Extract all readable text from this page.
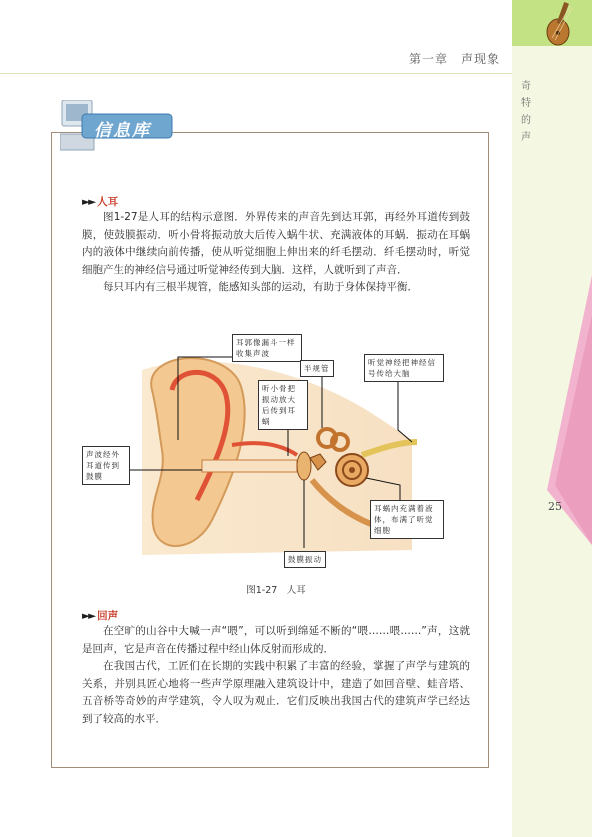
第一章　声现象
奇特的声
25
信息库
►► 人耳

图1-27是人耳的结构示意图．外界传来的声音先到达耳郭，再经外耳道传到鼓膜，使鼓膜振动．听小骨将振动放大后传入蜗牛状、充满液体的耳蜗．振动在耳蜗内的液体中继续向前传播，使从听觉细胞上伸出来的纤毛摆动．纤毛摆动时，听觉细胞产生的神经信号通过听觉神经传到大脑．这样，人就听到了声音．

每只耳内有三根半规管，能感知头部的运动，有助于身体保持平衡．

耳郭像漏斗一样收集声波
半规管
听觉神经把神经信号传给大脑
听小骨把振动放大后传到耳蜗
声波经外耳道传到鼓膜
耳蜗内充满着液体，布满了听觉细胞
鼓膜振动
图1-27　人耳
►► 回声

在空旷的山谷中大喊一声“喂”，可以听到绵延不断的“喂……喂……”声，这就是回声，它是声音在传播过程中经山体反射而形成的．

在我国古代，工匠们在长期的实践中积累了丰富的经验，掌握了声学与建筑的关系，并别具匠心地将一些声学原理融入建筑设计中，建造了如回音壁、蛙音塔、五音桥等奇妙的声学建筑，令人叹为观止．它们反映出我国古代的建筑声学已经达到了较高的水平．
